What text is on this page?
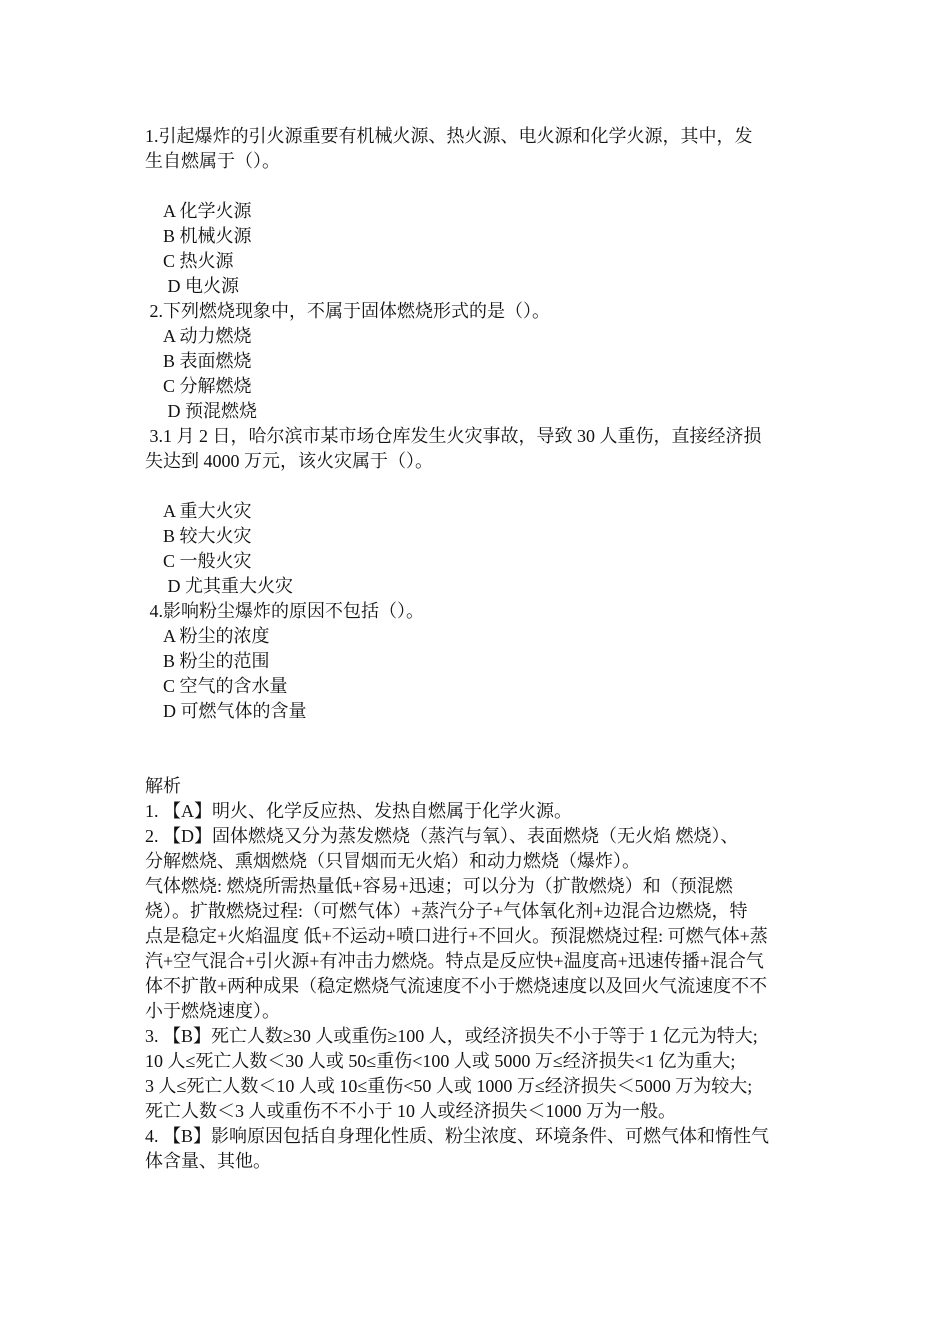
1.引起爆炸的引火源重要有机械火源、热火源、电火源和化学火源，其中，发
生自燃属于（）。
A 化学火源
B 机械火源
C 热火源
D 电火源
2.下列燃烧现象中，不属于固体燃烧形式的是（）。
A 动力燃烧
B 表面燃烧
C 分解燃烧
D 预混燃烧
3.1 月 2 日，哈尔滨市某市场仓库发生火灾事故，导致 30 人重伤，直接经济损
失达到 4000 万元，该火灾属于（）。
A 重大火灾
B 较大火灾
C 一般火灾
D 尤其重大火灾
4.影响粉尘爆炸的原因不包括（）。
A 粉尘的浓度
B 粉尘的范围
C 空气的含水量
D 可燃气体的含量
解析
1. 【A】明火、化学反应热、发热自燃属于化学火源。
2. 【D】固体燃烧又分为蒸发燃烧（蒸汽与氧）、表面燃烧（无火焰 燃烧）、
分解燃烧、熏烟燃烧（只冒烟而无火焰）和动力燃烧（爆炸）。
气体燃烧: 燃烧所需热量低+容易+迅速；可以分为（扩散燃烧）和（预混燃
烧）。扩散燃烧过程:（可燃气体）+蒸汽分子+气体氧化剂+边混合边燃烧，特
点是稳定+火焰温度 低+不运动+喷口进行+不回火。预混燃烧过程: 可燃气体+蒸
汽+空气混合+引火源+有冲击力燃烧。特点是反应快+温度高+迅速传播+混合气
体不扩散+两种成果（稳定燃烧气流速度不小于燃烧速度以及回火气流速度不不
小于燃烧速度）。
3. 【B】死亡人数≥30 人或重伤≥100 人，或经济损失不小于等于 1 亿元为特大;
10 人≤死亡人数＜30 人或 50≤重伤<100 人或 5000 万≤经济损失<1 亿为重大;
3 人≤死亡人数＜10 人或 10≤重伤<50 人或 1000 万≤经济损失＜5000 万为较大;
死亡人数＜3 人或重伤不不小于 10 人或经济损失＜1000 万为一般。
4. 【B】影响原因包括自身理化性质、粉尘浓度、环境条件、可燃气体和惰性气
体含量、其他。
